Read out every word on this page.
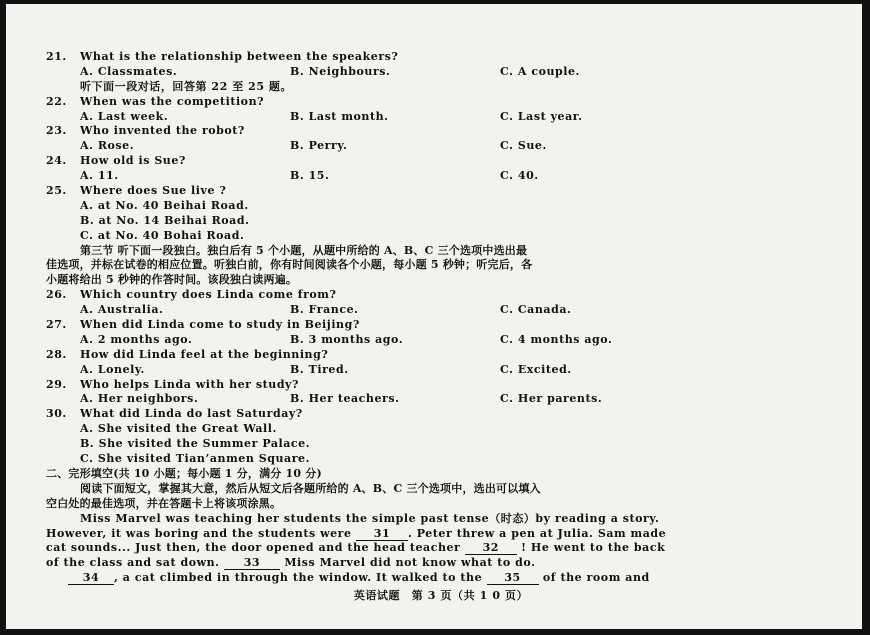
21. What is the relationship between the speakers?
A. Classmates.	B. Neighbours.	C. A couple.
听下面一段对话，回答第 22 至 25 题。
22. When was the competition?
A. Last week.	B. Last month.	C. Last year.
23. Who invented the robot?
A. Rose.	B. Perry.	C. Sue.
24. How old is Sue?
A. 11.	B. 15.	C. 40.
25. Where does Sue live ?
A. at No. 40 Beihai Road.
B. at No. 14 Beihai Road.
C. at No. 40 Bohai Road.
第三节 听下面一段独白。独白后有 5 个小题，从题中所给的 A、B、C 三个选项中选出最
佳选项，并标在试卷的相应位置。听独白前，你有时间阅读各个小题，每小题 5 秒钟；听完后，各
小题将给出 5 秒钟的作答时间。该段独白读两遍。
26. Which country does Linda come from?
A. Australia.	B. France.	C. Canada.
27. When did Linda come to study in Beijing?
A. 2 months ago.	B. 3 months ago.	C. 4 months ago.
28. How did Linda feel at the beginning?
A. Lonely.	B. Tired.	C. Excited.
29. Who helps Linda with her study?
A. Her neighbors.	B. Her teachers.	C. Her parents.
30. What did Linda do last Saturday?
A. She visited the Great Wall.
B. She visited the Summer Palace.
C. She visited Tian’anmen Square.
二、完形填空(共 10 小题；每小题 1 分，满分 10 分)
阅读下面短文，掌握其大意，然后从短文后各题所给的 A、B、C 三个选项中，选出可以填入
空白处的最佳选项，并在答题卡上将该项涂黑。
Miss Marvel was teaching her students the simple past tense（时态）by reading a story.
However, it was boring and the students were 31 . Peter threw a pen at Julia. Sam made
cat sounds... Just then, the door opened and the head teacher 32 ! He went to the back
of the class and sat down. 33 Miss Marvel did not know what to do.
34 , a cat climbed in through the window. It walked to the 35 of the room and
英语试题　第 3 页（共 1 0 页）
